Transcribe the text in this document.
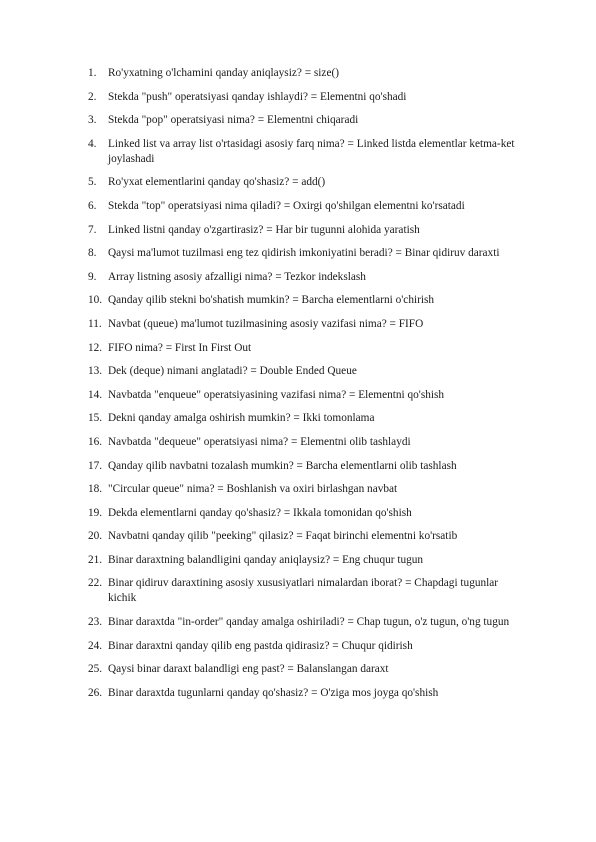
1.	Ro'yxatning o'lchamini qanday aniqlaysiz? = size()
2.	Stekda "push" operatsiyasi qanday ishlaydi? = Elementni qo'shadi
3.	Stekda "pop" operatsiyasi nima? = Elementni chiqaradi
4.	Linked list va array list o'rtasidagi asosiy farq nima? = Linked listda elementlar ketma-ket joylashadi
5.	Ro'yxat elementlarini qanday qo'shasiz? = add()
6.	Stekda "top" operatsiyasi nima qiladi? = Oxirgi qo'shilgan elementni ko'rsatadi
7.	Linked listni qanday o'zgartirasiz? = Har bir tugunni alohida yaratish
8.	Qaysi ma'lumot tuzilmasi eng tez qidirish imkoniyatini beradi? = Binar qidiruv daraxti
9.	Array listning asosiy afzalligi nima? = Tezkor indekslash
10. Qanday qilib stekni bo'shatish mumkin? = Barcha elementlarni o'chirish
11. Navbat (queue) ma'lumot tuzilmasining asosiy vazifasi nima? = FIFO
12. FIFO nima? = First In First Out
13. Dek (deque) nimani anglatadi? = Double Ended Queue
14. Navbatda "enqueue" operatsiyasining vazifasi nima? = Elementni qo'shish
15. Dekni qanday amalga oshirish mumkin? = Ikki tomonlama
16. Navbatda "dequeue" operatsiyasi nima? = Elementni olib tashlaydi
17. Qanday qilib navbatni tozalash mumkin? = Barcha elementlarni olib tashlash
18. "Circular queue" nima? = Boshlanish va oxiri birlashgan navbat
19. Dekda elementlarni qanday qo'shasiz? = Ikkala tomonidan qo'shish
20. Navbatni qanday qilib "peeking" qilasiz? = Faqat birinchi elementni ko'rsatib
21. Binar daraxtning balandligini qanday aniqlaysiz? = Eng chuqur tugun
22. Binar qidiruv daraxtining asosiy xususiyatlari nimalardan iborat? = Chapdagi tugunlar kichik
23. Binar daraxtda "in-order" qanday amalga oshiriladi? = Chap tugun, o'z tugun, o'ng tugun
24. Binar daraxtni qanday qilib eng pastda qidirasiz? = Chuqur qidirish
25. Qaysi binar daraxt balandligi eng past? = Balanslangan daraxt
26. Binar daraxtda tugunlarni qanday qo'shasiz? = O'ziga mos joyga qo'shish
